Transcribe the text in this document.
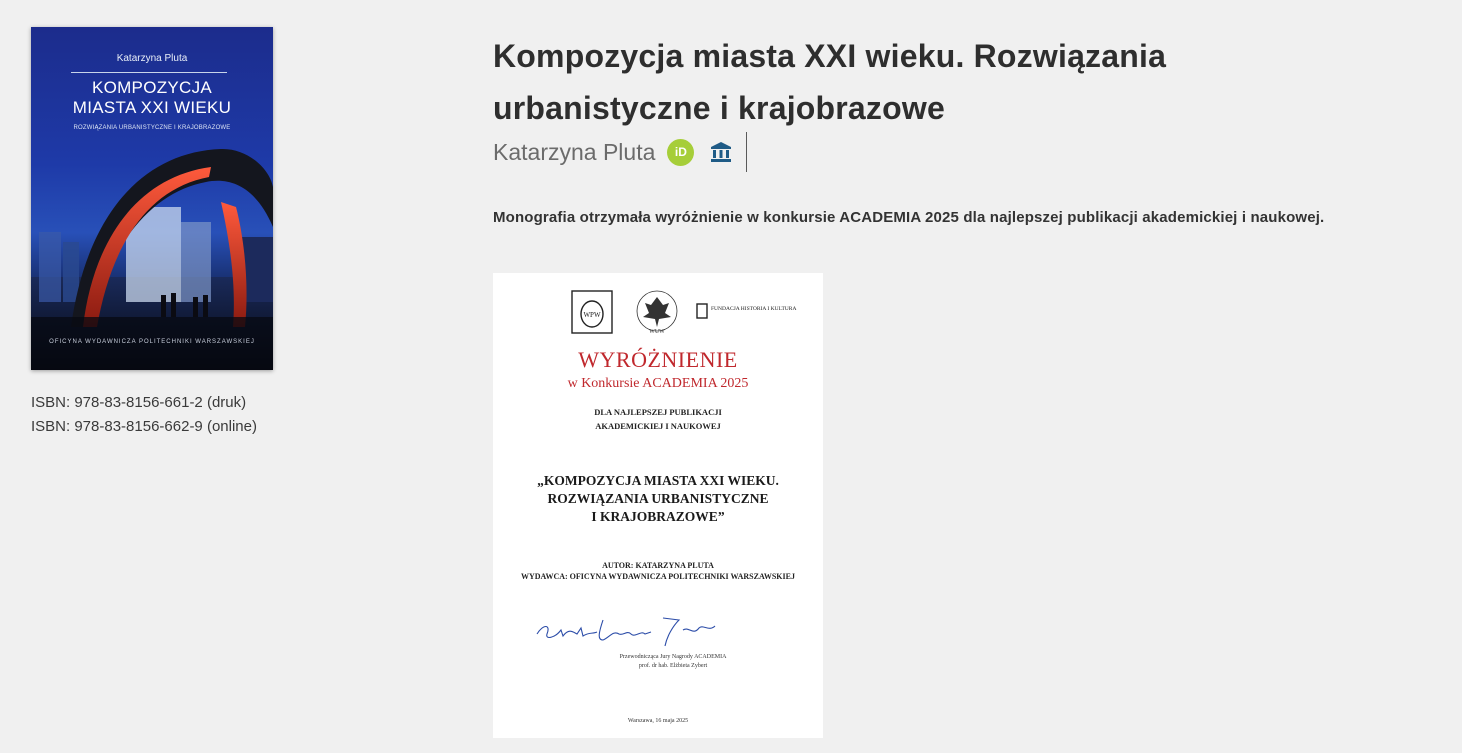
Katarzyna Pluta
KOMPOZYCJA
MIASTA XXI WIEKU
ROZWIĄZANIA URBANISTYCZNE I KRAJOBRAZOWE
OFICYNA WYDAWNICZA POLITECHNIKI WARSZAWSKIEJ
ISBN: 978-83-8156-661-2 (druk)
ISBN: 978-83-8156-662-9 (online)
Kompozycja miasta XXI wieku. Rozwiązania urbanistyczne i krajobrazowe
Katarzyna Pluta iD

Monografia otrzymała wyróżnienie w konkursie ACADEMIA 2025 dla najlepszej publikacji akademickiej i naukowej.

WPW
WUW
FUNDACJA HISTORIA I KULTURA
WYRÓŻNIENIE
w Konkursie ACADEMIA 2025
DLA NAJLEPSZEJ PUBLIKACJI
AKADEMICKIEJ I NAUKOWEJ
„KOMPOZYCJA MIASTA XXI WIEKU.
ROZWIĄZANIA URBANISTYCZNE
I KRAJOBRAZOWE”
AUTOR: KATARZYNA PLUTA
WYDAWCA: OFICYNA WYDAWNICZA POLITECHNIKI WARSZAWSKIEJ
Przewodnicząca Jury Nagrody ACADEMIA
prof. dr hab. Elżbieta Zybert
Warszawa, 16 maja 2025
